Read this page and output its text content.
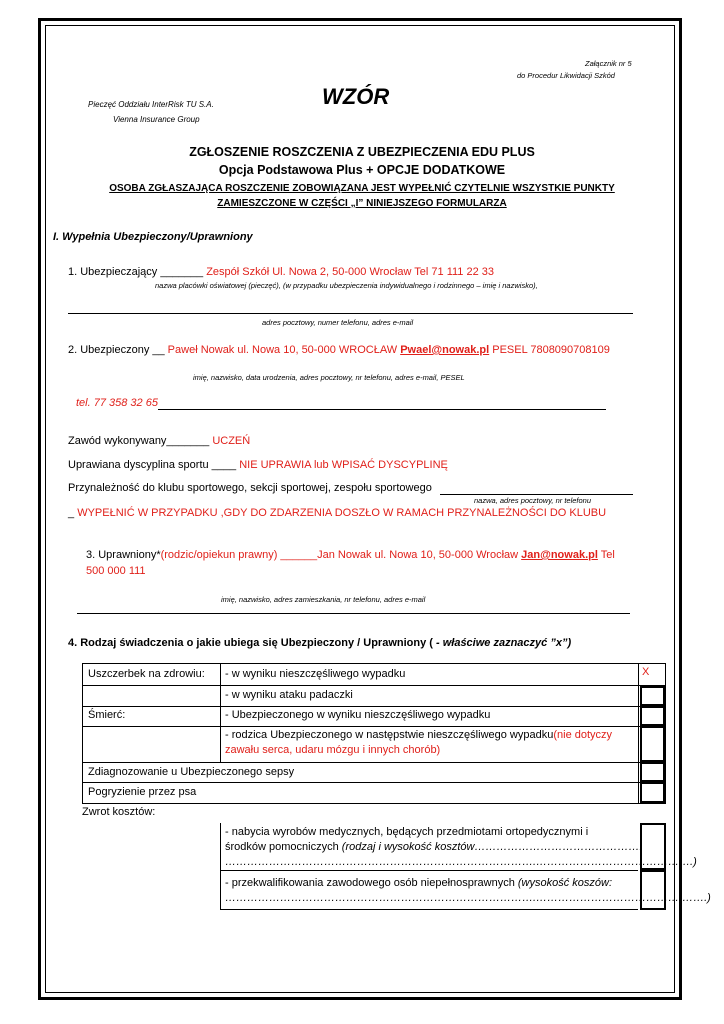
Załącznik nr 5
do Procedur Likwidacji Szkód
Pieczęć Oddziału InterRisk TU S.A.
Vienna Insurance Group
WZÓR
ZGŁOSZENIE ROSZCZENIA Z UBEZPIECZENIA EDU PLUS
Opcja Podstawowa Plus + OPCJE DODATKOWE
OSOBA ZGŁASZAJĄCA ROSZCZENIE ZOBOWIĄZANA JEST WYPEŁNIĆ CZYTELNIE WSZYSTKIE PUNKTY
ZAMIESZCZONE W CZĘŚCI „I” NINIEJSZEGO FORMULARZA
I. Wypełnia Ubezpieczony/Uprawniony
1. Ubezpieczający _______ Zespół Szkół Ul. Nowa 2, 50-000 Wrocław Tel 71 111 22 33
nazwa placówki oświatowej (pieczęć), (w przypadku ubezpieczenia indywidualnego i rodzinnego – imię i nazwisko),
adres pocztowy, numer telefonu, adres e-mail
2. Ubezpieczony __ Paweł Nowak ul. Nowa 10, 50-000 WROCŁAW Pwael@nowak.pl PESEL 7808090708109
imię, nazwisko, data urodzenia, adres pocztowy, nr telefonu, adres e-mail, PESEL
tel. 77 358 32 65
Zawód wykonywany_______ UCZEŃ
Uprawiana dyscyplina sportu ____ NIE UPRAWIA lub WPISAĆ DYSCYPLINĘ
Przynależność do klubu sportowego, sekcji sportowej, zespołu sportowego
nazwa, adres pocztowy, nr telefonu
_ WYPEŁNIĆ W PRZYPADKU ,GDY DO ZDARZENIA DOSZŁO W RAMACH PRZYNALEŻNOŚCI DO KLUBU
3. Uprawniony*(rodzic/opiekun prawny) ______Jan Nowak ul. Nowa 10, 50-000 Wrocław Jan@nowak.pl Tel
500 000 111
imię, nazwisko, adres zamieszkania, nr telefonu, adres e-mail
4. Rodzaj świadczenia o jakie ubiega się Ubezpieczony / Uprawniony ( - właściwe zaznaczyć ”x”)
Uszczerbek na zdrowiu: - w wyniku nieszczęśliwego wypadku	X
- w wyniku ataku padaczki
Śmierć:	- Ubezpieczonego w wyniku nieszczęśliwego wypadku
- rodzica Ubezpieczonego w następstwie nieszczęśliwego wypadku(nie dotyczy
zawału serca, udaru mózgu i innych chorób)
Zdiagnozowanie u Ubezpieczonego sepsy
Pogryzienie przez psa
Zwrot kosztów:
- nabycia wyrobów medycznych, będących przedmiotami ortopedycznymi i
środków pomocniczych (rodzaj i wysokość kosztów……………………………………….
………………………………………………………………………….…………………………………….)
- przekwalifikowania zawodowego osób niepełnosprawnych (wysokość koszów:
………………………………………………………………………….………………………………….…….)
